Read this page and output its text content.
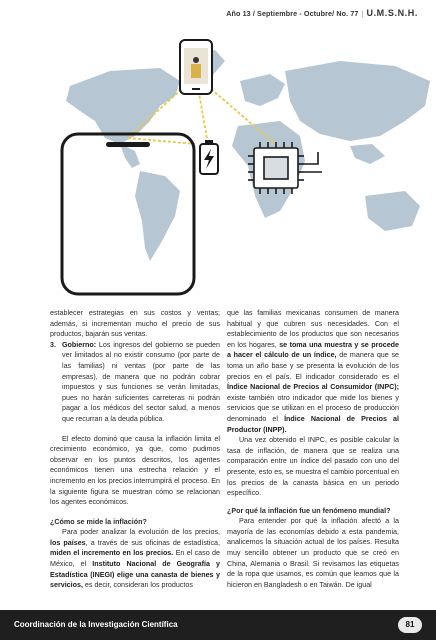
Año 13 / Septiembre - Octubre/ No. 77 | U.M.S.N.H.

establecer estrategias en sus costos y ventas; además, si incrementan mucho el precio de sus productos, bajarán sus ventas.

3. Gobierno: Los ingresos del gobierno se pueden ver limitados al no existir consumo (por parte de las familias) ni ventas (por parte de las empresas), de manera que no podrán cobrar impuestos y sus funciones se verán limitadas, pues no harán suficientes carreteras ni podrán pagar a los médicos del sector salud, a menos que recurran a la deuda pública.

El efecto dominó que causa la inflación limita el crecimiento económico, ya que, como pudimos observar en los puntos descritos, los agentes económicos tienen una estrecha relación y el incremento en los precios interrumpirá el proceso. En la siguiente figura se muestran cómo se relacionan los agentes económicos.

¿Cómo se mide la inflación?

Para poder analizar la evolución de los precios, los países, a través de sus oficinas de estadística, miden el incremento en los precios. En el caso de México, el Instituto Nacional de Geografía y Estadística (INEGI) elige una canasta de bienes y servicios, es decir, consideran los productos

que las familias mexicanas consumen de manera habitual y que cubren sus necesidades. Con el establecimiento de los productos que son necesarios en los hogares, se toma una muestra y se procede a hacer el cálculo de un índice, de manera que se toma un año base y se presenta la evolución de los precios en el país. El indicador considerado es el Índice Nacional de Precios al Consumidor (INPC); existe también otro indicador que mide los bienes y servicios que se utilizan en el proceso de producción denominado el Índice Nacional de Precios al Productor (INPP).

Una vez obtenido el INPC, es posible calcular la tasa de inflación, de manera que se realiza una comparación entre un índice del pasado con uno del presente, esto es, se muestra el cambio porcentual en los precios de la canasta básica en un periodo específico.

¿Por qué la inflación fue un fenómeno mundial?

Para entender por qué la inflación afectó a la mayoría de las economías debido a esta pandemia, analicemos la situación actual de los países. Resulta muy sencillo obtener un producto que se creó en China, Alemania o Brasil. Si revisamos las etiquetas de la ropa que usamos, es común que leamos que la hicieron en Bangladesh o en Taiwán. De igual

Coordinación de la Investigación Científica	81
